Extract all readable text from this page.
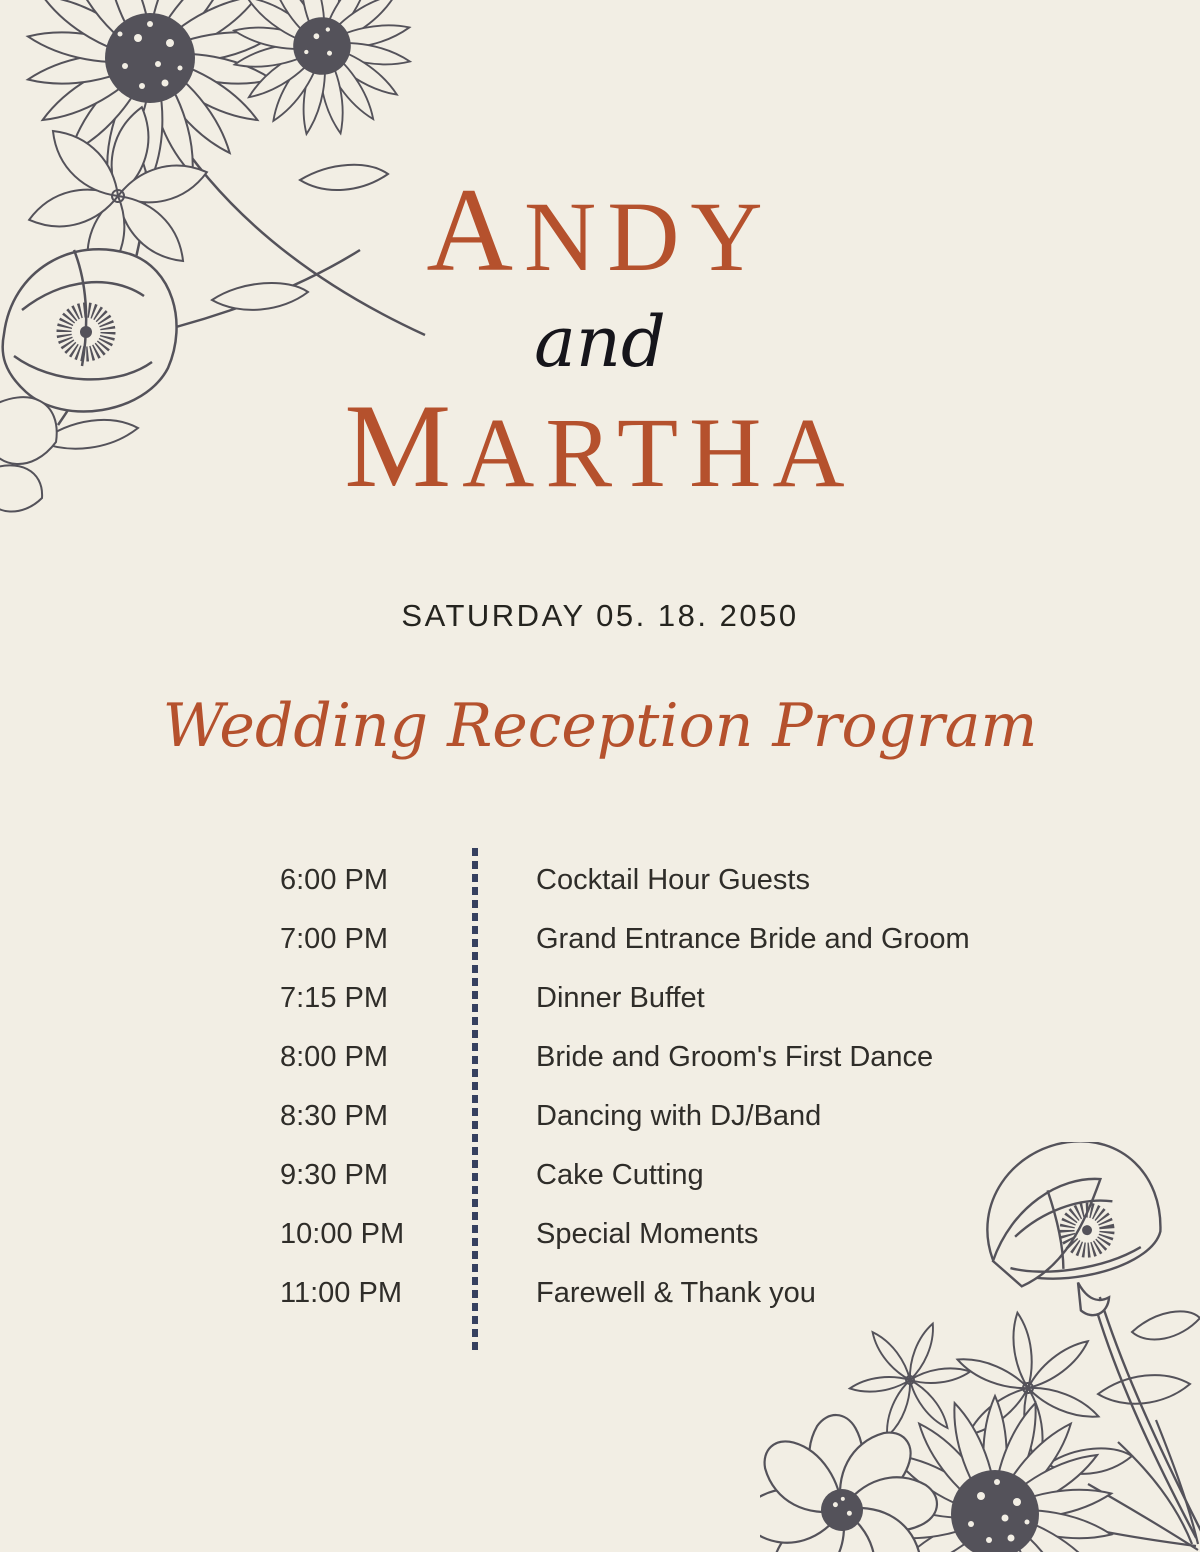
ANDY
and
MARTHA
SATURDAY 05. 18. 2050
Wedding Reception Program
6:00 PM	Cocktail Hour Guests
7:00 PM	Grand Entrance Bride and Groom
7:15 PM	Dinner Buffet
8:00 PM	Bride and Groom's First Dance
8:30 PM	Dancing with DJ/Band
9:30 PM	Cake Cutting
10:00 PM	Special Moments
11:00 PM	Farewell & Thank you
